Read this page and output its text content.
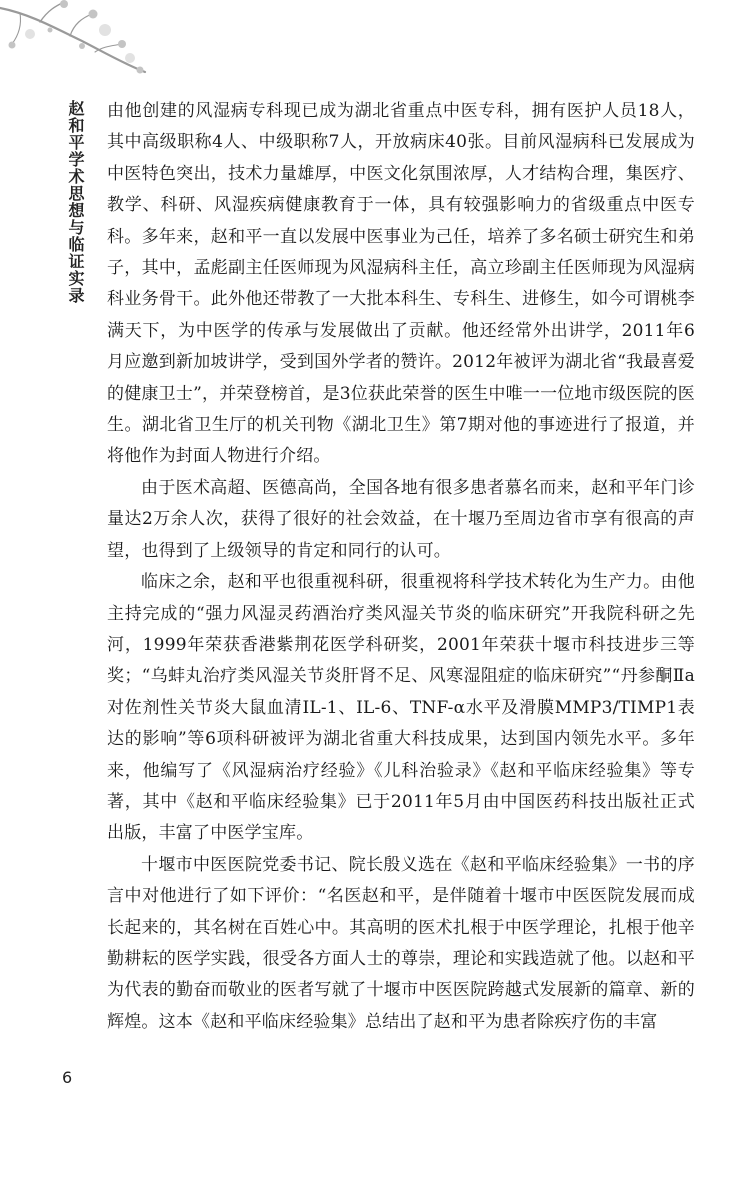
赵和平学术思想与临证实录 由他创建的风湿病专科现已成为湖北省重点中医专科，拥有医护人员18人，其中高级职称4人、中级职称7人，开放病床40张。目前风湿病科已发展成为中医特色突出，技术力量雄厚，中医文化氛围浓厚，人才结构合理，集医疗、教学、科研、风湿疾病健康教育于一体，具有较强影响力的省级重点中医专科。多年来，赵和平一直以发展中医事业为己任，培养了多名硕士研究生和弟子，其中，孟彪副主任医师现为风湿病科主任，高立珍副主任医师现为风湿病科业务骨干。此外他还带教了一大批本科生、专科生、进修生，如今可谓桃李满天下，为中医学的传承与发展做出了贡献。他还经常外出讲学，2011年6月应邀到新加坡讲学，受到国外学者的赞许。2012年被评为湖北省“我最喜爱的健康卫士”，并荣登榜首，是3位获此荣誉的医生中唯一一位地市级医院的医生。湖北省卫生厅的机关刊物《湖北卫生》第7期对他的事迹进行了报道，并将他作为封面人物进行介绍。

由于医术高超、医德高尚，全国各地有很多患者慕名而来，赵和平年门诊量达2万余人次，获得了很好的社会效益，在十堰乃至周边省市享有很高的声望，也得到了上级领导的肯定和同行的认可。

临床之余，赵和平也很重视科研，很重视将科学技术转化为生产力。由他主持完成的“强力风湿灵药酒治疗类风湿关节炎的临床研究”开我院科研之先河，1999年荣获香港紫荆花医学科研奖，2001年荣获十堰市科技进步三等奖；“乌蚌丸治疗类风湿关节炎肝肾不足、风寒湿阻症的临床研究”“丹参酮Ⅱa对佐剂性关节炎大鼠血清IL-1、IL-6、TNF-α水平及滑膜MMP3/TIMP1表达的影响”等6项科研被评为湖北省重大科技成果，达到国内领先水平。多年来，他编写了《风湿病治疗经验》《儿科治验录》《赵和平临床经验集》等专著，其中《赵和平临床经验集》已于2011年5月由中国医药科技出版社正式出版，丰富了中医学宝库。

十堰市中医医院党委书记、院长殷义选在《赵和平临床经验集》一书的序言中对他进行了如下评价：“名医赵和平，是伴随着十堰市中医医院发展而成长起来的，其名树在百姓心中。其高明的医术扎根于中医学理论，扎根于他辛勤耕耘的医学实践，很受各方面人士的尊崇，理论和实践造就了他。以赵和平为代表的勤奋而敬业的医者写就了十堰市中医医院跨越式发展新的篇章、新的辉煌。这本《赵和平临床经验集》总结出了赵和平为患者除疾疗伤的丰富

6
